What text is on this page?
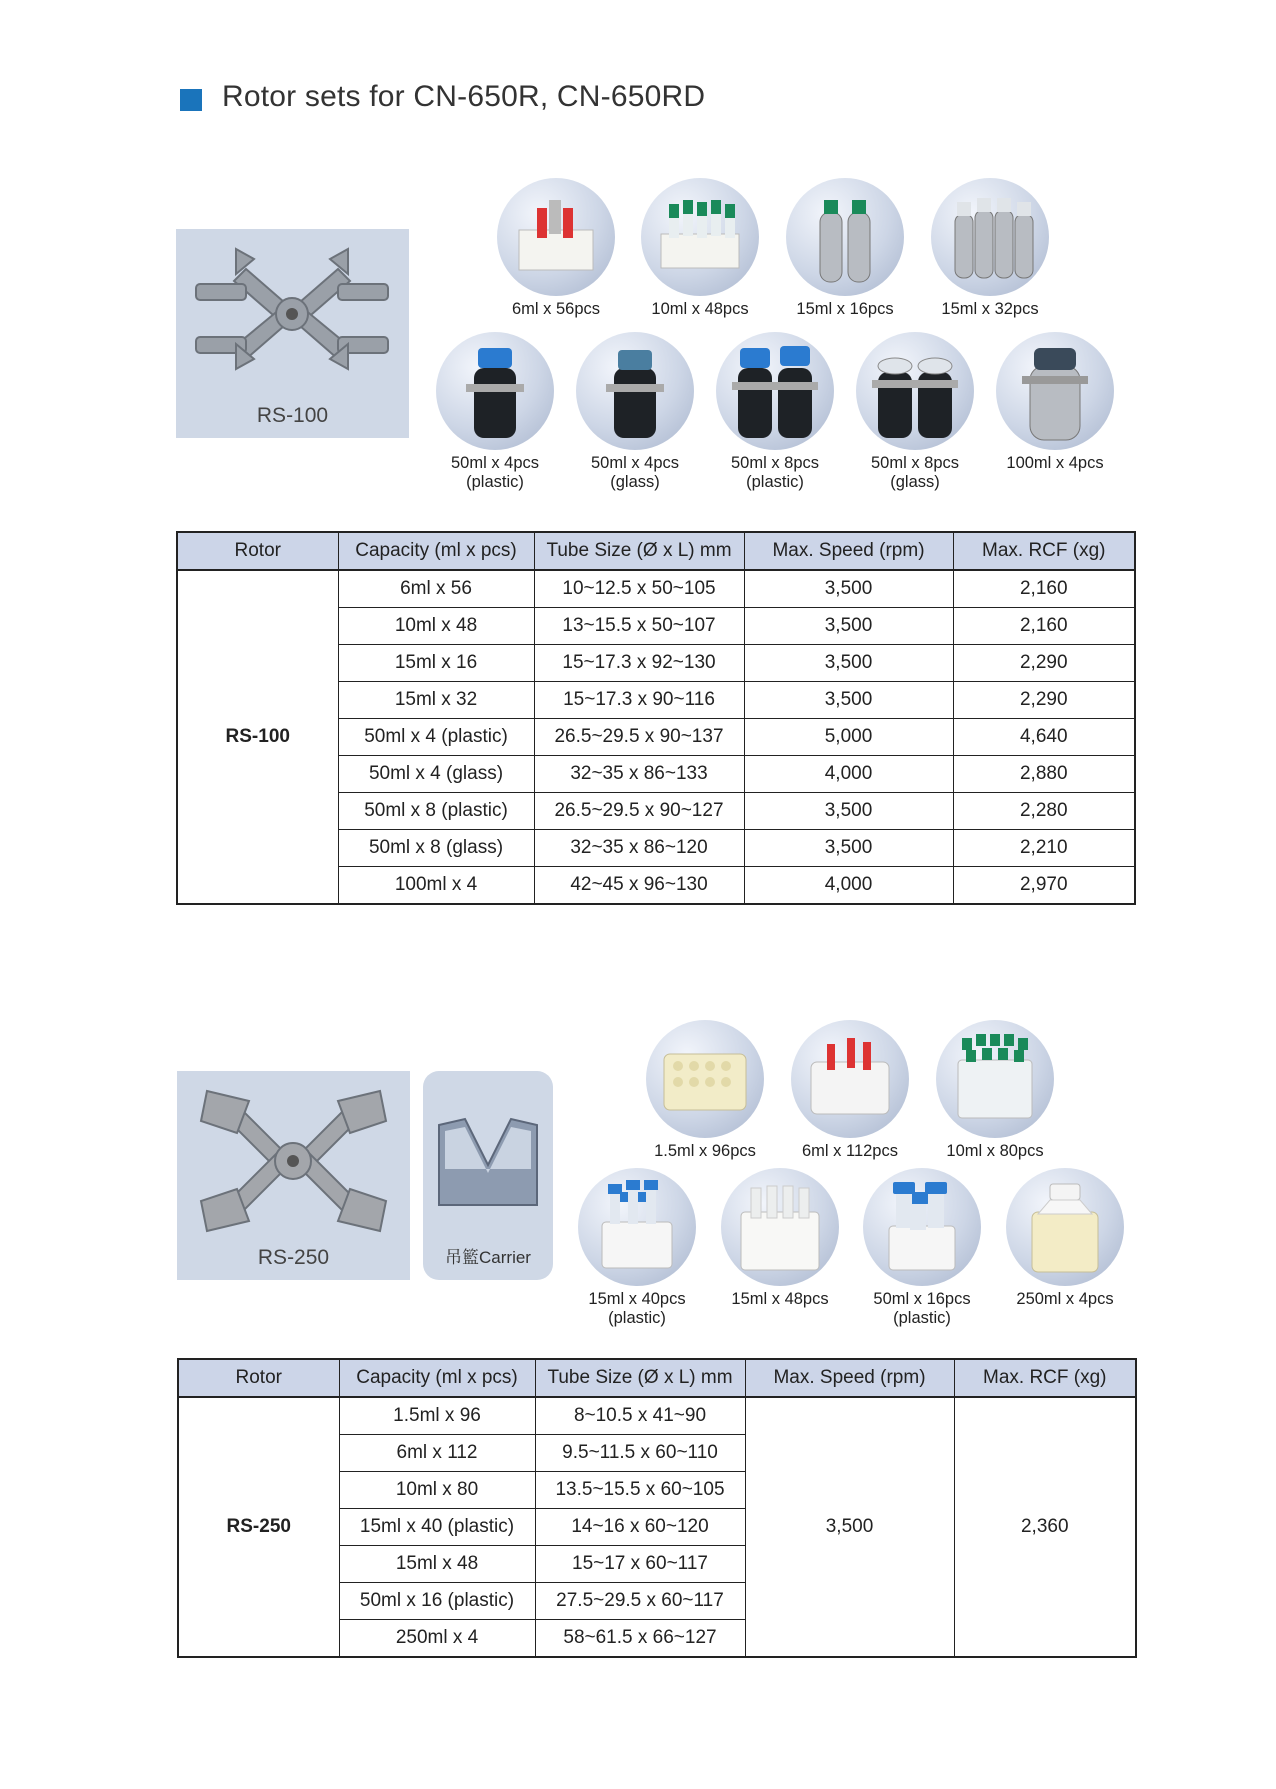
Rotor sets for CN-650R, CN-650RD
RS-100
6ml x 56pcs	10ml x 48pcs	15ml x 16pcs	15ml x 32pcs
50ml x 4pcs
(plastic)
50ml x 4pcs
(glass)
50ml x 8pcs
(plastic)
50ml x 8pcs
(glass)
100ml x 4pcs
Rotor	Capacity (ml x pcs)	Tube Size (Ø x L) mm	Max. Speed (rpm)	Max. RCF (xg)
RS-100	6ml x 56	10~12.5 x 50~105	3,500	2,160
	10ml x 48	13~15.5 x 50~107	3,500	2,160
	15ml x 16	15~17.3 x 92~130	3,500	2,290
	15ml x 32	15~17.3 x 90~116	3,500	2,290
	50ml x 4 (plastic)	26.5~29.5 x 90~137	5,000	4,640
	50ml x 4 (glass)	32~35 x 86~133	4,000	2,880
	50ml x 8 (plastic)	26.5~29.5 x 90~127	3,500	2,280
	50ml x 8 (glass)	32~35 x 86~120	3,500	2,210
	100ml x 4	42~45 x 96~130	4,000	2,970
RS-250	吊籃Carrier
1.5ml x 96pcs	6ml x 112pcs	10ml x 80pcs
15ml x 40pcs
(plastic)
15ml x 48pcs	50ml x 16pcs
(plastic)
250ml x 4pcs
Rotor	Capacity (ml x pcs)	Tube Size (Ø x L) mm	Max. Speed (rpm)	Max. RCF (xg)
RS-250	1.5ml x 96	8~10.5 x 41~90	3,500	2,360
	6ml x 112	9.5~11.5 x 60~110		
	10ml x 80	13.5~15.5 x 60~105		
	15ml x 40 (plastic)	14~16 x 60~120		
	15ml x 48	15~17 x 60~117		
	50ml x 16 (plastic)	27.5~29.5 x 60~117		
	250ml x 4	58~61.5 x 66~127		
